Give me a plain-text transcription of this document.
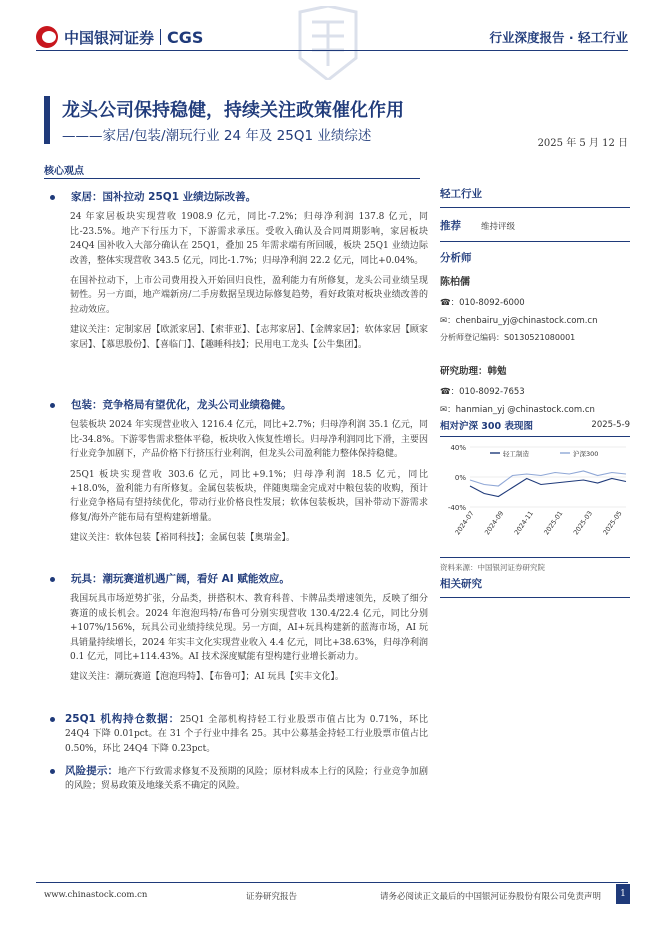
中国银河证券 CGS	行业深度报告 · 轻工行业
龙头公司保持稳健，持续关注政策催化作用
———家居/包装/潮玩行业 24 年及 25Q1 业绩综述	2025 年 5 月 12 日
核心观点
家居：国补拉动 25Q1 业绩边际改善。
24 年家居板块实现营收 1908.9 亿元，同比-7.2%；归母净利润 137.8 亿元，同比-23.5%。地产下行压力下，下游需求承压。受收入确认及合同周期影响，家居板块 24Q4 国补收入大部分确认在 25Q1，叠加 25 年需求端有所回暖，板块 25Q1 业绩边际改善，整体实现营收 343.5 亿元，同比-1.7%；归母净利润 22.2 亿元，同比+0.04%。
在国补拉动下，上市公司费用投入开始回归良性，盈利能力有所修复，龙头公司业绩呈现韧性。另一方面，地产端新房/二手房数据呈现边际修复趋势，看好政策对板块业绩改善的拉动效应。
建议关注：定制家居【欧派家居】、【索菲亚】、【志邦家居】、【金牌家居】；软体家居【顾家家居】、【慕思股份】、【喜临门】、【趣睡科技】；民用电工龙头【公牛集团】。
包装：竞争格局有望优化，龙头公司业绩稳健。
包装板块 2024 年实现营业收入 1216.4 亿元，同比+2.7%；归母净利润 35.1 亿元，同比-34.8%。下游零售需求整体平稳，板块收入恢复性增长。归母净利润同比下滑，主要因行业竞争加剧下，产品价格下行挤压行业利润，但龙头公司盈利能力整体保持稳健。
25Q1 板块实现营收 303.6 亿元，同比+9.1%；归母净利润 18.5 亿元，同比+18.0%，盈利能力有所修复。金属包装板块，伴随奥瑞金完成对中粮包装的收购，预计行业竞争格局有望持续优化，带动行业价格良性发展；软体包装板块，国补带动下游需求修复/海外产能布局有望构建新增量。
建议关注：软体包装【裕同科技】；金属包装【奥瑞金】。
玩具：潮玩赛道机遇广阔，看好 AI 赋能效应。
我国玩具市场逆势扩张，分品类，拼搭积木、教育科普、卡牌品类增速领先，反映了细分赛道的成长机会。2024 年泡泡玛特/布鲁可分别实现营收 130.4/22.4 亿元，同比分别+107%/156%，玩具公司业绩持续兑现。另一方面，AI+玩具构建新的蓝海市场，AI 玩具销量持续增长，2024 年实丰文化实现营业收入 4.4 亿元，同比+38.63%，归母净利润 0.1 亿元，同比+114.43%。AI 技术深度赋能有望构建行业增长新动力。
建议关注：潮玩赛道【泡泡玛特】、【布鲁可】；AI 玩具【实丰文化】。
25Q1 机构持仓数据：25Q1 全部机构持轻工行业股票市值占比为 0.71%，环比 24Q4 下降 0.01pct。在 31 个子行业中排名 25。其中公募基金持轻工行业股票市值占比 0.50%，环比 24Q4 下降 0.23pct。
风险提示：地产下行致需求修复不及预期的风险；原材料成本上行的风险；行业竞争加剧的风险；贸易政策及地缘关系不确定的风险。
轻工行业
推荐 维持评级
分析师
陈柏儒
☎：010-8092-6000
✉：chenbairu_yj@chinastock.com.cn
分析师登记编码：S0130521080001
研究助理：韩勉
☎：010-8092-7653
✉：hanmian_yj @chinastock.com.cn
相对沪深 300 表现图	2025-5-9
40%
0%
-40%
轻工制造	沪深300
2024-07 2024-09 2024-11 2025-01 2025-03 2025-05
资料来源：中国银河证券研究院
相关研究
www.chinastock.com.cn	证券研究报告	请务必阅读正文最后的中国银河证券股份有限公司免责声明	1
